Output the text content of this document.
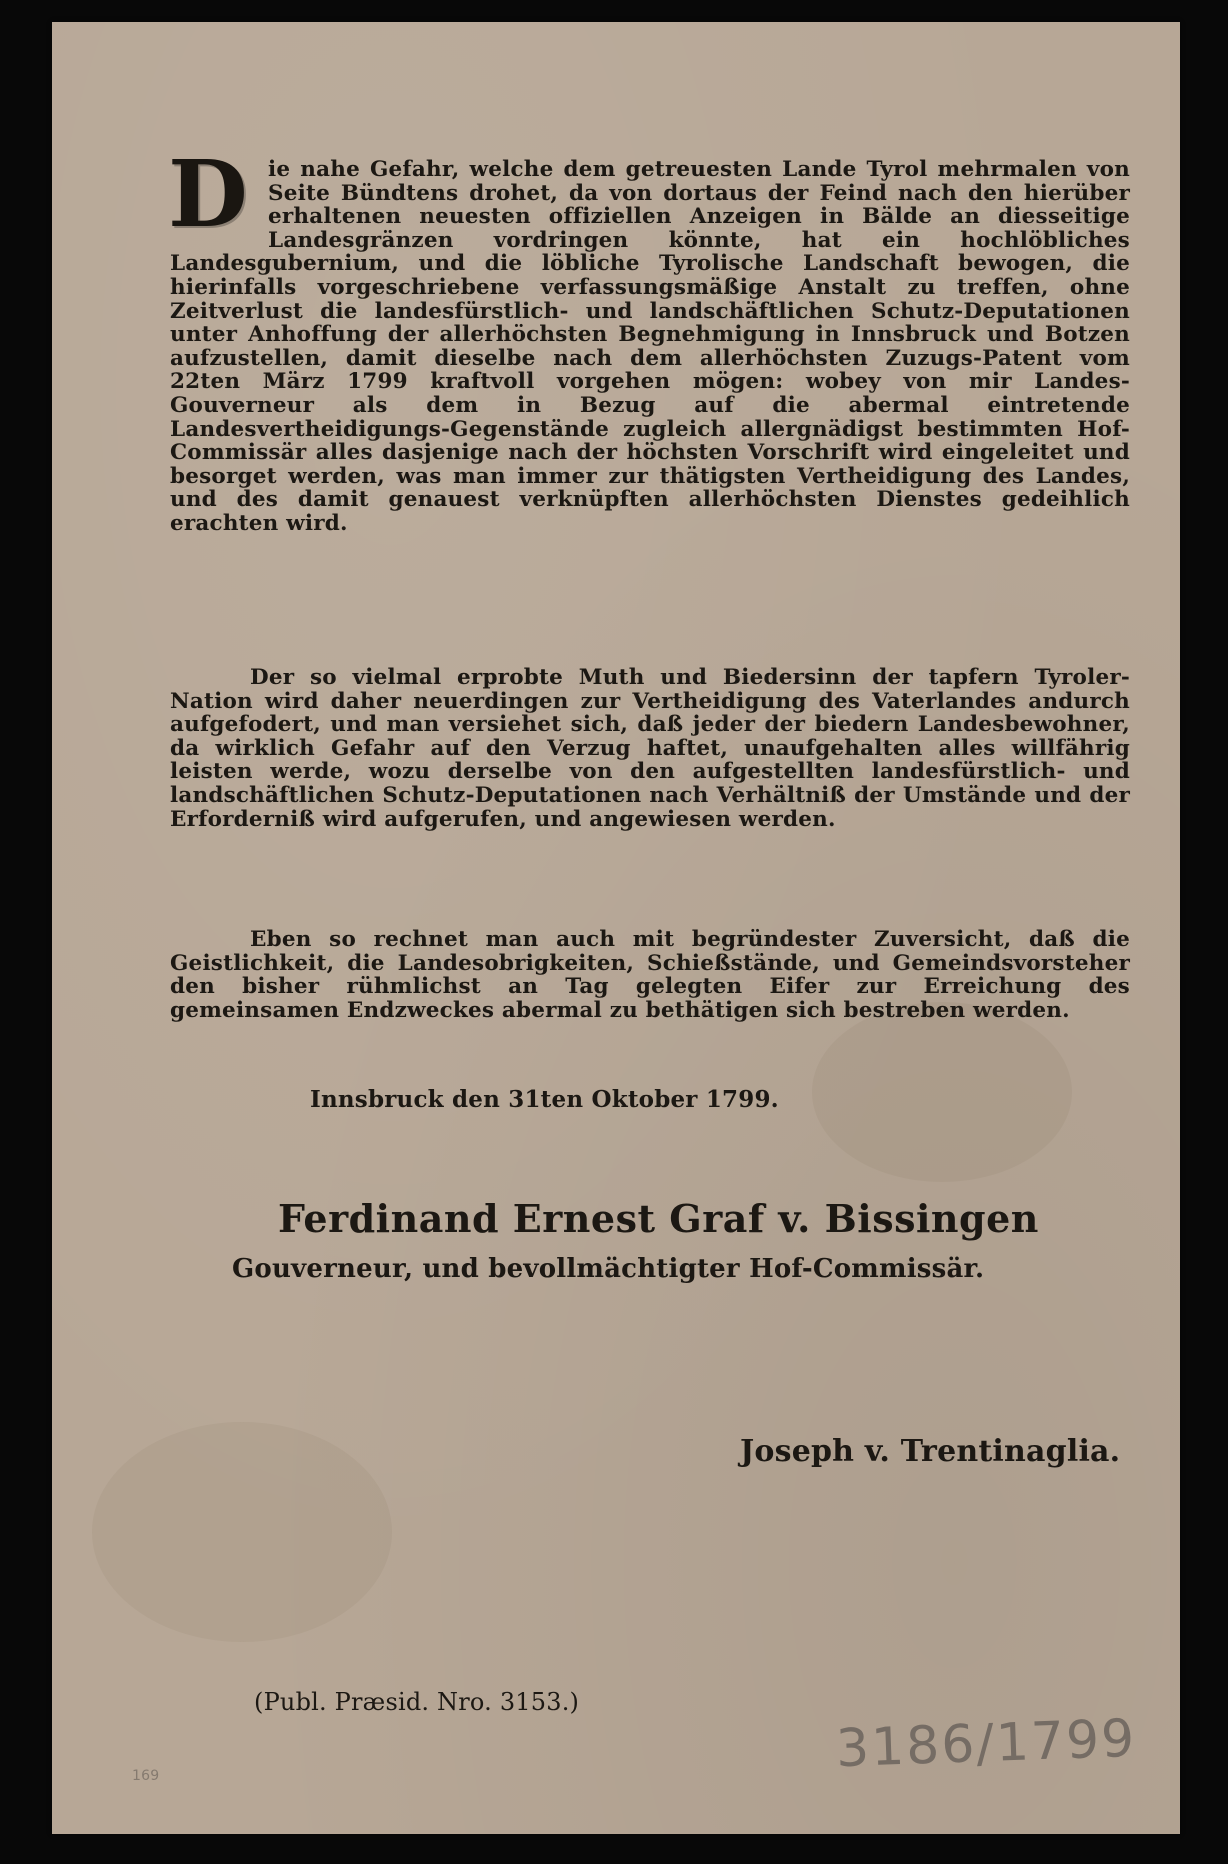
D ie nahe Gefahr, welche dem getreuesten Lande Tyrol mehrmalen von Seite Bündtens drohet, da von dortaus der Feind nach den hierüber erhaltenen neuesten offiziellen Anzeigen in Bälde an diesseitige Landesgränzen vordringen könnte, hat ein hochlöbliches Landesgubernium, und die löbliche Tyrolische Landschaft bewogen, die hierinfalls vorgeschriebene verfassungsmäßige Anstalt zu treffen, ohne Zeitverlust die landesfürstlich- und landschäftlichen Schutz-Deputationen unter Anhoffung der allerhöchsten Begnehmigung in Innsbruck und Botzen aufzustellen, damit dieselbe nach dem allerhöchsten Zuzugs-Patent vom 22ten März 1799 kraftvoll vorgehen mögen: wobey von mir Landes-Gouverneur als dem in Bezug auf die abermal eintretende Landesvertheidigungs-Gegenstände zugleich allergnädigst bestimmten Hof-Commissär alles dasjenige nach der höchsten Vorschrift wird eingeleitet und besorget werden, was man immer zur thätigsten Vertheidigung des Landes, und des damit genauest verknüpften allerhöchsten Dienstes gedeihlich erachten wird.
Der so vielmal erprobte Muth und Biedersinn der tapfern Tyroler-Nation wird daher neuerdingen zur Vertheidigung des Vaterlandes andurch aufgefodert, und man versiehet sich, daß jeder der biedern Landesbewohner, da wirklich Gefahr auf den Verzug haftet, unaufgehalten alles willfährig leisten werde, wozu derselbe von den aufgestellten landesfürstlich- und landschäftlichen Schutz-Deputationen nach Verhältniß der Umstände und der Erforderniß wird aufgerufen, und angewiesen werden.
Eben so rechnet man auch mit begründester Zuversicht, daß die Geistlichkeit, die Landesobrigkeiten, Schießstände, und Gemeindsvorsteher den bisher rühmlichst an Tag gelegten Eifer zur Erreichung des gemeinsamen Endzweckes abermal zu bethätigen sich bestreben werden.
Innsbruck den 31ten Oktober 1799.
Ferdinand Ernest Graf v. Bissingen
Gouverneur, und bevollmächtigter Hof-Commissär.
Joseph v. Trentinaglia.
(Publ. Præsid. Nro. 3153.)
3186/1799
169
